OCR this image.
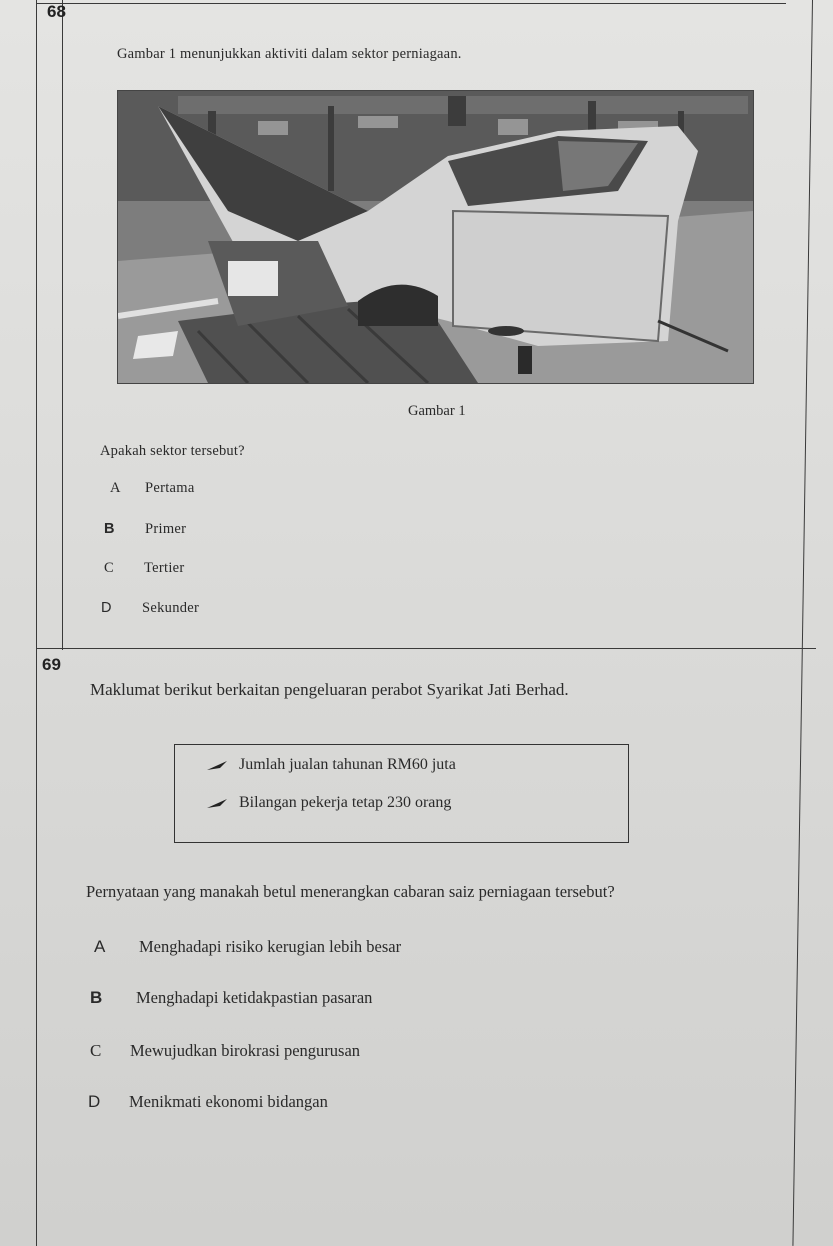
68
Gambar 1 menunjukkan aktiviti dalam sektor perniagaan.
Gambar 1
Apakah sektor tersebut?
A Pertama
B Primer
C Tertier
D Sekunder
69
Maklumat berikut berkaitan pengeluaran perabot Syarikat Jati Berhad.
Jumlah jualan tahunan RM60 juta
Bilangan pekerja tetap 230 orang
Pernyataan yang manakah betul menerangkan cabaran saiz perniagaan tersebut?
A Menghadapi risiko kerugian lebih besar
B Menghadapi ketidakpastian pasaran
C Mewujudkan birokrasi pengurusan
D Menikmati ekonomi bidangan
